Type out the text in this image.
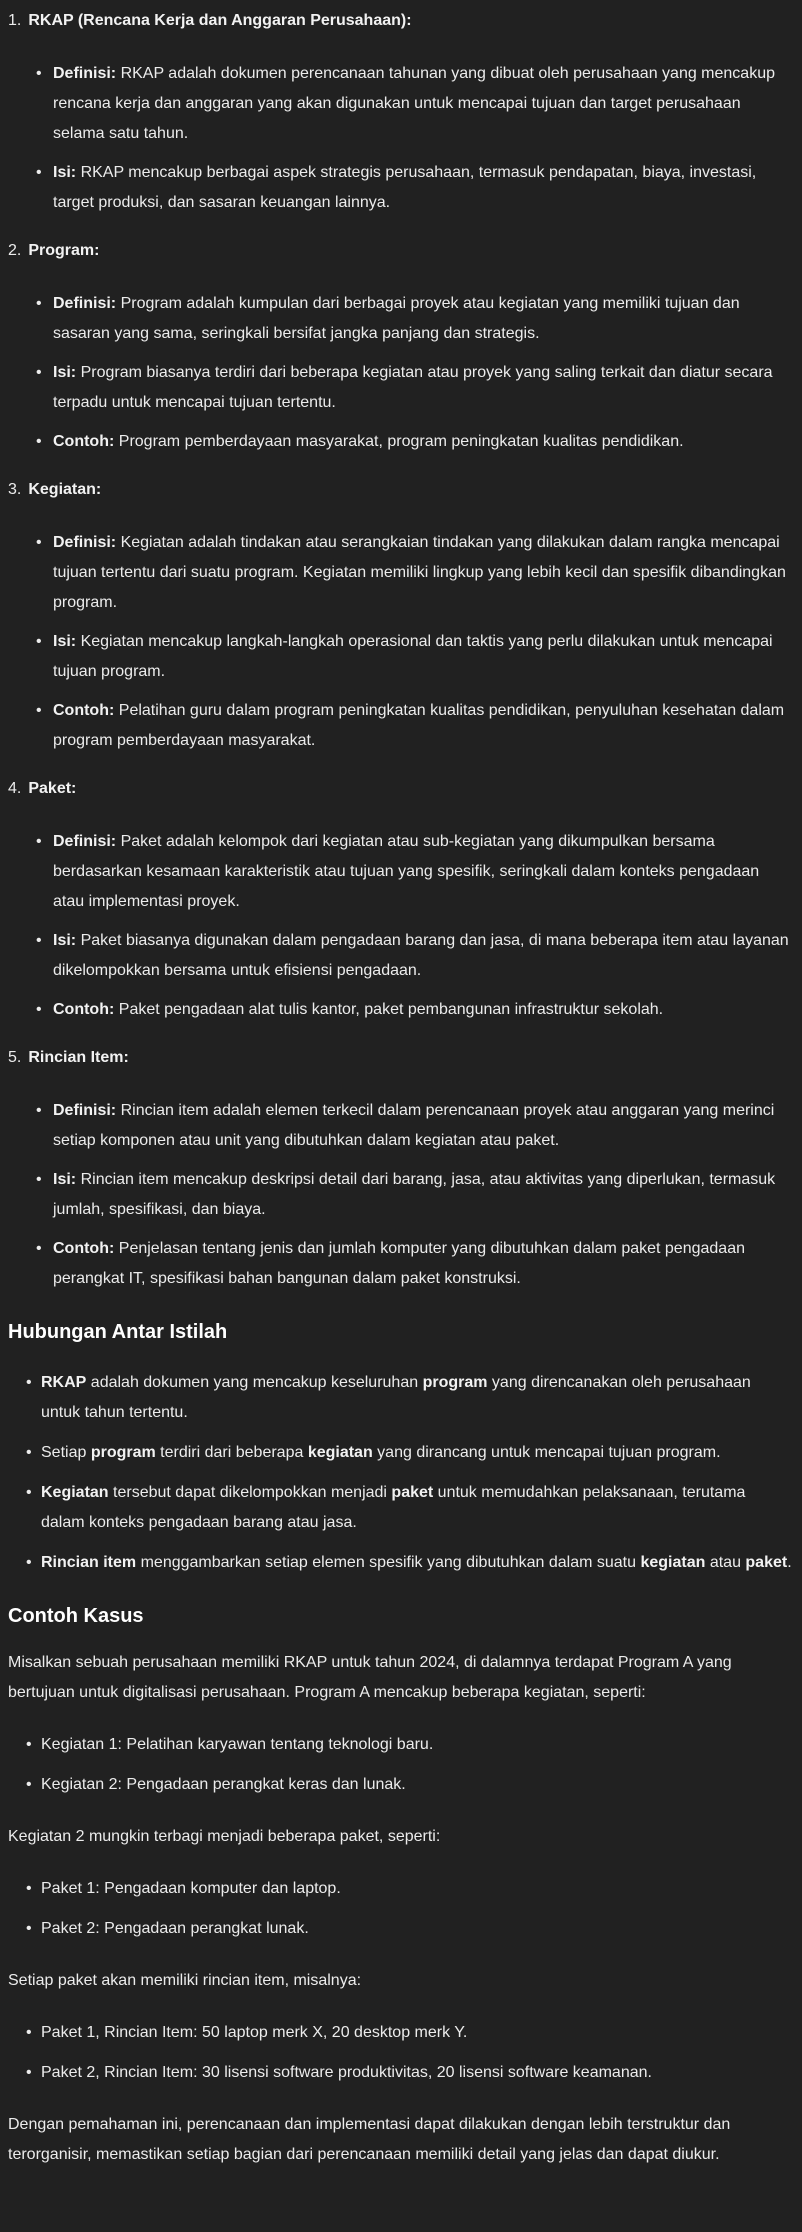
1. RKAP (Rencana Kerja dan Anggaran Perusahaan):
• Definisi: RKAP adalah dokumen perencanaan tahunan yang dibuat oleh perusahaan yang mencakup rencana kerja dan anggaran yang akan digunakan untuk mencapai tujuan dan target perusahaan selama satu tahun.
• Isi: RKAP mencakup berbagai aspek strategis perusahaan, termasuk pendapatan, biaya, investasi, target produksi, dan sasaran keuangan lainnya.
2. Program:
• Definisi: Program adalah kumpulan dari berbagai proyek atau kegiatan yang memiliki tujuan dan sasaran yang sama, seringkali bersifat jangka panjang dan strategis.
• Isi: Program biasanya terdiri dari beberapa kegiatan atau proyek yang saling terkait dan diatur secara terpadu untuk mencapai tujuan tertentu.
• Contoh: Program pemberdayaan masyarakat, program peningkatan kualitas pendidikan.
3. Kegiatan:
• Definisi: Kegiatan adalah tindakan atau serangkaian tindakan yang dilakukan dalam rangka mencapai tujuan tertentu dari suatu program. Kegiatan memiliki lingkup yang lebih kecil dan spesifik dibandingkan program.
• Isi: Kegiatan mencakup langkah-langkah operasional dan taktis yang perlu dilakukan untuk mencapai tujuan program.
• Contoh: Pelatihan guru dalam program peningkatan kualitas pendidikan, penyuluhan kesehatan dalam program pemberdayaan masyarakat.
4. Paket:
• Definisi: Paket adalah kelompok dari kegiatan atau sub-kegiatan yang dikumpulkan bersama berdasarkan kesamaan karakteristik atau tujuan yang spesifik, seringkali dalam konteks pengadaan atau implementasi proyek.
• Isi: Paket biasanya digunakan dalam pengadaan barang dan jasa, di mana beberapa item atau layanan dikelompokkan bersama untuk efisiensi pengadaan.
• Contoh: Paket pengadaan alat tulis kantor, paket pembangunan infrastruktur sekolah.
5. Rincian Item:
• Definisi: Rincian item adalah elemen terkecil dalam perencanaan proyek atau anggaran yang merinci setiap komponen atau unit yang dibutuhkan dalam kegiatan atau paket.
• Isi: Rincian item mencakup deskripsi detail dari barang, jasa, atau aktivitas yang diperlukan, termasuk jumlah, spesifikasi, dan biaya.
• Contoh: Penjelasan tentang jenis dan jumlah komputer yang dibutuhkan dalam paket pengadaan perangkat IT, spesifikasi bahan bangunan dalam paket konstruksi.
Hubungan Antar Istilah
• RKAP adalah dokumen yang mencakup keseluruhan program yang direncanakan oleh perusahaan untuk tahun tertentu.
• Setiap program terdiri dari beberapa kegiatan yang dirancang untuk mencapai tujuan program.
• Kegiatan tersebut dapat dikelompokkan menjadi paket untuk memudahkan pelaksanaan, terutama dalam konteks pengadaan barang atau jasa.
• Rincian item menggambarkan setiap elemen spesifik yang dibutuhkan dalam suatu kegiatan atau paket.
Contoh Kasus

Misalkan sebuah perusahaan memiliki RKAP untuk tahun 2024, di dalamnya terdapat Program A yang bertujuan untuk digitalisasi perusahaan. Program A mencakup beberapa kegiatan, seperti:

• Kegiatan 1: Pelatihan karyawan tentang teknologi baru.
• Kegiatan 2: Pengadaan perangkat keras dan lunak.

Kegiatan 2 mungkin terbagi menjadi beberapa paket, seperti:

• Paket 1: Pengadaan komputer dan laptop.
• Paket 2: Pengadaan perangkat lunak.

Setiap paket akan memiliki rincian item, misalnya:

• Paket 1, Rincian Item: 50 laptop merk X, 20 desktop merk Y.
• Paket 2, Rincian Item: 30 lisensi software produktivitas, 20 lisensi software keamanan.

Dengan pemahaman ini, perencanaan dan implementasi dapat dilakukan dengan lebih terstruktur dan terorganisir, memastikan setiap bagian dari perencanaan memiliki detail yang jelas dan dapat diukur.
